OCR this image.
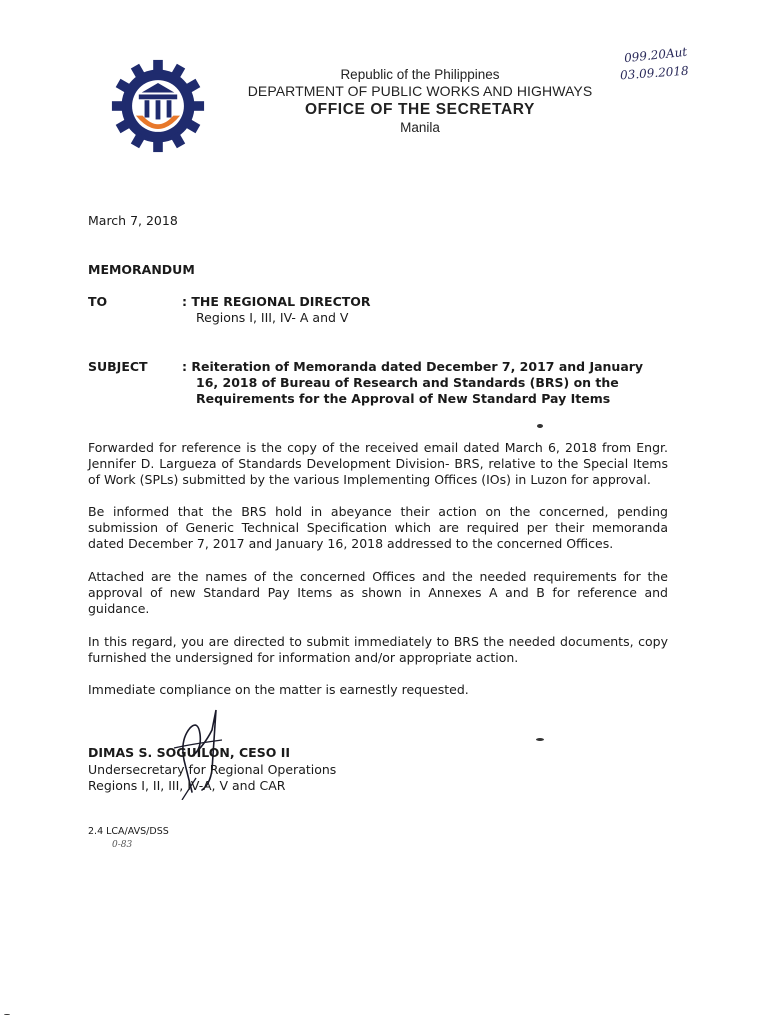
Republic of the Philippines
DEPARTMENT OF PUBLIC WORKS AND HIGHWAYS
OFFICE OF THE SECRETARY
Manila
099.20Aut
03.09.2018
March 7, 2018
MEMORANDUM
TO	: THE REGIONAL DIRECTOR
Regions I, III, IV- A and V
SUBJECT	: Reiteration of Memoranda dated December 7, 2017 and January
16, 2018 of Bureau of Research and Standards (BRS) on the
Requirements for the Approval of New Standard Pay Items
Forwarded for reference is the copy of the received email dated March 6, 2018 from Engr. Jennifer D. Largueza of Standards Development Division- BRS, relative to the Special Items of Work (SPLs) submitted by the various Implementing Offices (IOs) in Luzon for approval.
Be informed that the BRS hold in abeyance their action on the concerned, pending submission of Generic Technical Specification which are required per their memoranda dated December 7, 2017 and January 16, 2018 addressed to the concerned Offices.
Attached are the names of the concerned Offices and the needed requirements for the approval of new Standard Pay Items as shown in Annexes A and B for reference and guidance.
In this regard, you are directed to submit immediately to BRS the needed documents, copy furnished the undersigned for information and/or appropriate action.
Immediate compliance on the matter is earnestly requested.
DIMAS S. SOGUILON, CESO II
Undersecretary for Regional Operations
Regions I, II, III, IV-A, V and CAR
2.4 LCA/AVS/DSS
0-83
